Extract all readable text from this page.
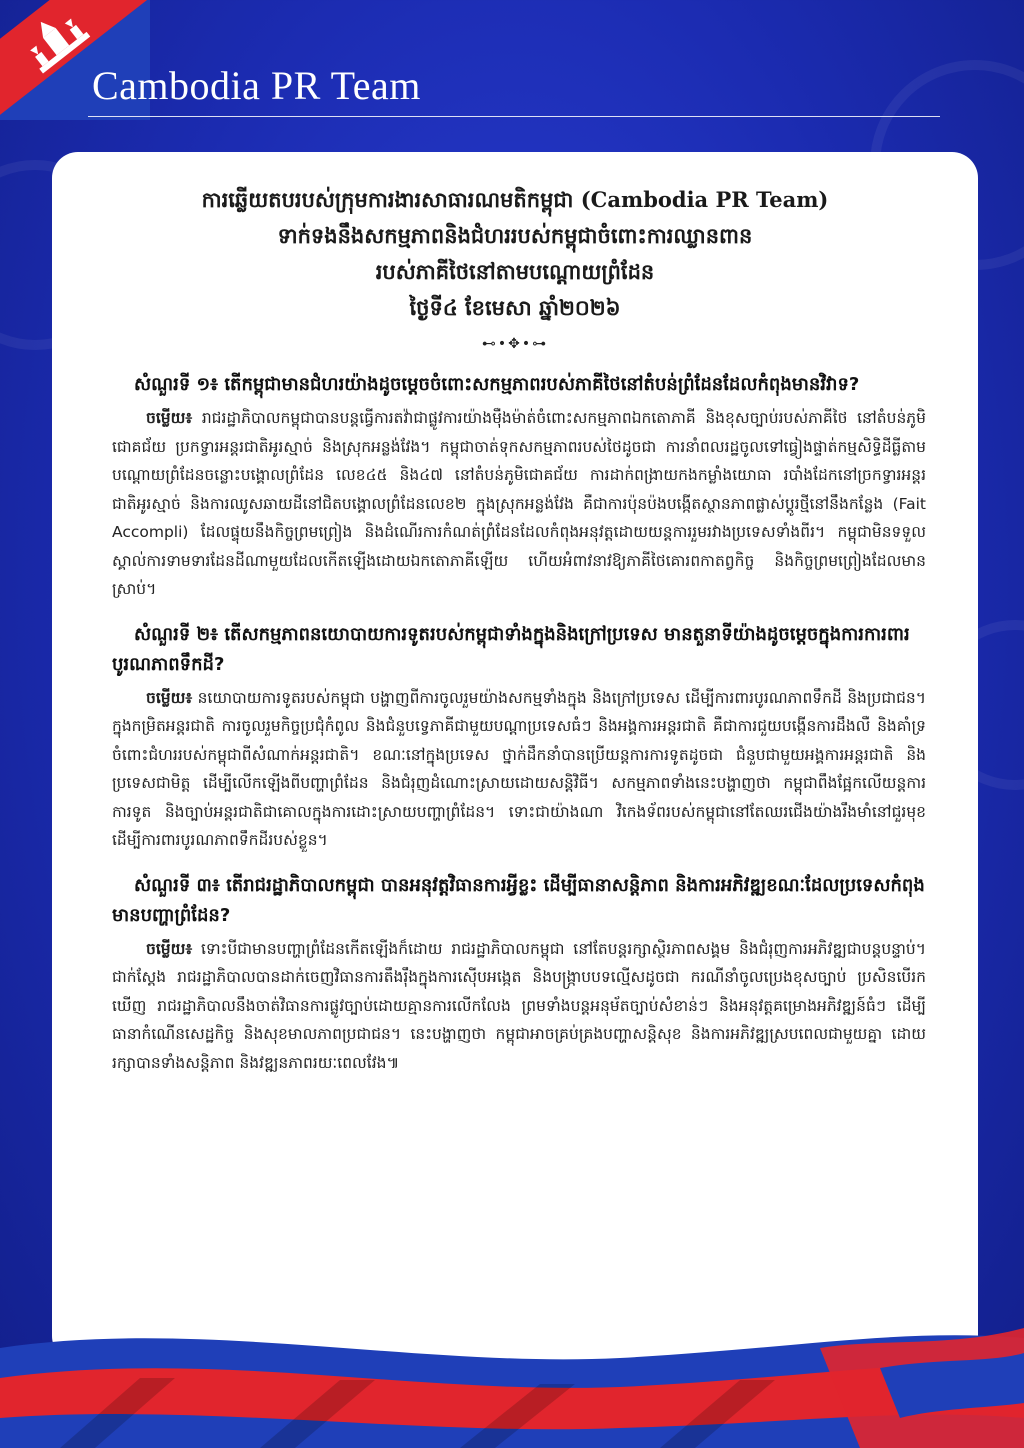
Cambodia PR Team
ការឆ្លើយតបរបស់ក្រុមការងារសាធារណមតិកម្ពុជា (Cambodia PR Team)
ទាក់ទងនឹងសកម្មភាពនិងជំហររបស់កម្ពុជាចំពោះការឈ្លានពាន
របស់ភាគីថៃនៅតាមបណ្តោយព្រំដែន
ថ្ងៃទី៤ ខែមេសា ឆ្នាំ២០២៦
⊷•✥•⊶

សំណួរទី ១៖ តើកម្ពុជាមានជំហរយ៉ាងដូចម្តេចចំពោះសកម្មភាពរបស់ភាគីថៃនៅតំបន់ព្រំដែនដែលកំពុងមានវិវាទ?

ចម្លើយ៖ រាជរដ្ឋាភិបាលកម្ពុជាបានបន្តធ្វើការតវ៉ាជាផ្លូវការយ៉ាងម៉ឺងម៉ាត់ចំពោះសកម្មភាពឯកតោភាគី និងខុសច្បាប់របស់ភាគីថៃ នៅតំបន់ភូមិជោគជ័យ ប្រកទ្វារអន្តរជាតិអូរស្មាច់ និងស្រុកអន្លង់វែង។ កម្ពុជាចាត់ទុកសកម្មភាពរបស់ថៃដូចជា ការនាំពលរដ្ឋចូលទៅធ្វៀងផ្ទាត់កម្មសិទ្ធិដីធ្លីតាមបណ្តោយព្រំដែនចន្លោះបង្គោលព្រំដែន លេខ៤៥ និង៤៧ នៅតំបន់ភូមិជោគជ័យ ការដាក់ពង្រាយកងកម្លាំងយោធា របាំងដែកនៅច្រកទ្វារអន្តរជាតិអូរស្មាច់ និងការឈូសឆាយដីនៅជិតបង្គោលព្រំដែនលេខ២ ក្នុងស្រុកអន្លង់វែង គឺជាការប៉ុនប៉ងបង្កើតស្ថានភាពផ្លាស់ប្តូរថ្មីនៅនឹងកន្លែង (Fait Accompli) ដែលផ្ទុយនឹងកិច្ចព្រមព្រៀង និងដំណើរការកំណត់ព្រំដែនដែលកំពុងអនុវត្តដោយយន្តការរួមរវាងប្រទេសទាំងពីរ។ កម្ពុជាមិនទទួលស្គាល់ការទាមទារដែនដីណាមួយដែលកើតឡើងដោយឯកតោភាគីឡើយ ហើយអំពាវនាវឱ្យភាគីថៃគោរពកាតព្វកិច្ច និងកិច្ចព្រមព្រៀងដែលមានស្រាប់។

សំណួរទី ២៖ តើសកម្មភាពនយោបាយការទូតរបស់កម្ពុជាទាំងក្នុងនិងក្រៅប្រទេស មានតួនាទីយ៉ាងដូចម្តេចក្នុងការការពារបូរណភាពទឹកដី?

ចម្លើយ៖ នយោបាយការទូតរបស់កម្ពុជា បង្ហាញពីការចូលរួមយ៉ាងសកម្មទាំងក្នុង និងក្រៅប្រទេស ដើម្បីការពារបូរណភាពទឹកដី និងប្រជាជន។ ក្នុងកម្រិតអន្តរជាតិ ការចូលរួមកិច្ចប្រជុំកំពូល និងជំនួបទ្វេភាគីជាមួយបណ្តាប្រទេសធំៗ និងអង្គការអន្តរជាតិ គឺជាការជួយបង្កើនការដឹងលឺ និងគាំទ្រចំពោះជំហររបស់កម្ពុជាពីសំណាក់អន្តរជាតិ។ ខណៈនៅក្នុងប្រទេស ថ្នាក់ដឹកនាំបានប្រើយន្តការការទូតដូចជា ជំនួបជាមួយអង្គការអន្តរជាតិ និងប្រទេសជាមិត្ត ដើម្បីលើកឡើងពីបញ្ហាព្រំដែន និងជំរុញដំណោះស្រាយដោយសន្តិវិធី។ សកម្មភាពទាំងនេះបង្ហាញថា កម្ពុជាពឹងផ្អែកលើយន្តការការទូត និងច្បាប់អន្តរជាតិជាគោលក្នុងការដោះស្រាយបញ្ហាព្រំដែន។ ទោះជាយ៉ាងណា វិកេងទ័ពរបស់កម្ពុជានៅតែឈរជើងយ៉ាងរឹងមាំនៅជួរមុខដើម្បីការពារបូរណភាពទឹកដីរបស់ខ្លួន។

សំណួរទី ៣៖ តើរាជរដ្ឋាភិបាលកម្ពុជា បានអនុវត្តវិធានការអ្វីខ្លះ ដើម្បីធានាសន្តិភាព និងការអភិវឌ្ឍខណៈដែលប្រទេសកំពុងមានបញ្ហាព្រំដែន?

ចម្លើយ៖ ទោះបីជាមានបញ្ហាព្រំដែនកើតឡើងក៏ដោយ រាជរដ្ឋាភិបាលកម្ពុជា នៅតែបន្តរក្សាស្ថិរភាពសង្គម និងជំរុញការអភិវឌ្ឍជាបន្តបន្ទាប់។ ជាក់ស្តែង រាជរដ្ឋាភិបាលបានដាក់ចេញវិធានការតឹងរ៉ឹងក្នុងការស៊ើបអង្កេត និងបង្ក្រាបបទល្មើសដូចជា ករណីនាំចូលប្រេងខុសច្បាប់ ប្រសិនបើរកឃើញ រាជរដ្ឋាភិបាលនឹងចាត់វិធានការផ្លូវច្បាប់ដោយគ្មានការលើកលែង ព្រមទាំងបន្តអនុម័តច្បាប់សំខាន់ៗ និងអនុវត្តគម្រោងអភិវឌ្ឍន៍ធំៗ ដើម្បីធានាកំណើនសេដ្ឋកិច្ច និងសុខមាលភាពប្រជាជន។ នេះបង្ហាញថា កម្ពុជាអាចគ្រប់គ្រងបញ្ហាសន្តិសុខ និងការអភិវឌ្ឍស្របពេលជាមួយគ្នា ដោយរក្សាបានទាំងសន្តិភាព និងវឌ្ឍនភាពរយៈពេលវែង៕
